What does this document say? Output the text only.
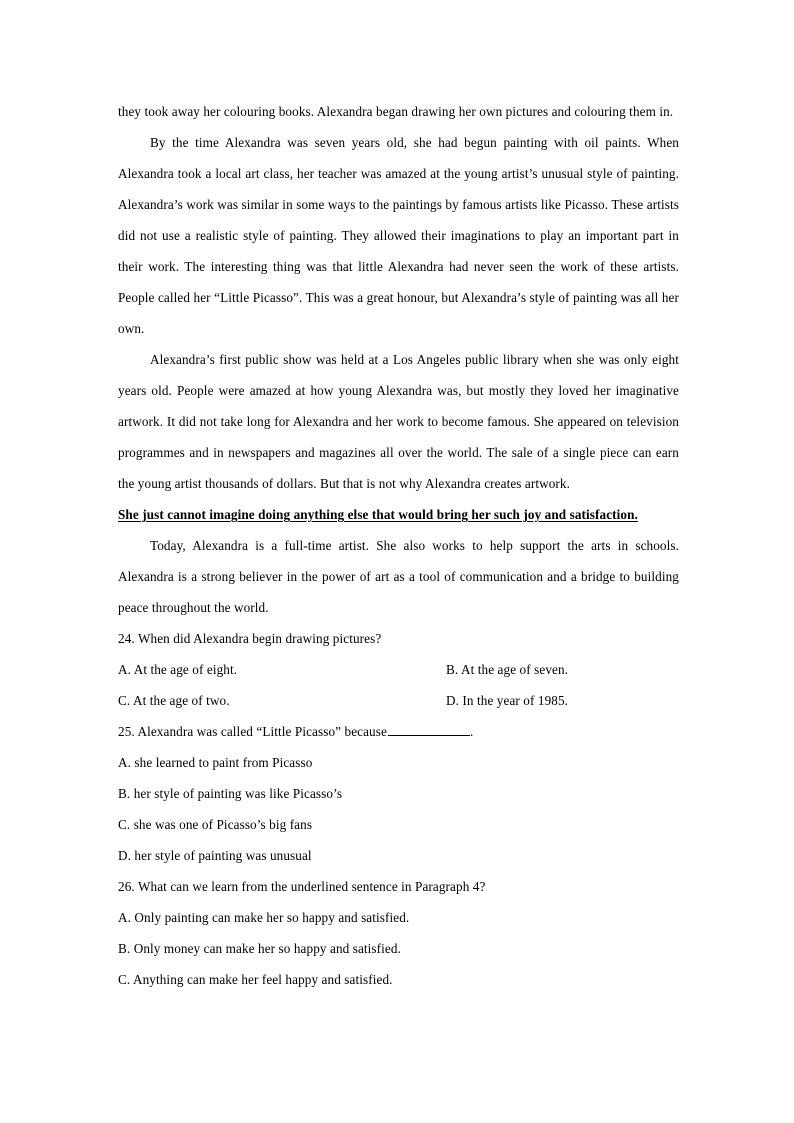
they took away her colouring books. Alexandra began drawing her own pictures and colouring them in.

By the time Alexandra was seven years old, she had begun painting with oil paints. When Alexandra took a local art class, her teacher was amazed at the young artist’s unusual style of painting. Alexandra’s work was similar in some ways to the paintings by famous artists like Picasso. These artists did not use a realistic style of painting. They allowed their imaginations to play an important part in their work. The interesting thing was that little Alexandra had never seen the work of these artists. People called her “Little Picasso”. This was a great honour, but Alexandra’s style of painting was all her own.

Alexandra’s first public show was held at a Los Angeles public library when she was only eight years old. People were amazed at how young Alexandra was, but mostly they loved her imaginative artwork. It did not take long for Alexandra and her work to become famous. She appeared on television programmes and in newspapers and magazines all over the world. The sale of a single piece can earn the young artist thousands of dollars. But that is not why Alexandra creates artwork.

She just cannot imagine doing anything else that would bring her such joy and satisfaction.

Today, Alexandra is a full-time artist. She also works to help support the arts in schools. Alexandra is a strong believer in the power of art as a tool of communication and a bridge to building peace throughout the world.

24. When did Alexandra begin drawing pictures?

A. At the age of eight.	B. At the age of seven.
C. At the age of two.	D. In the year of 1985.

25. Alexandra was called “Little Picasso” because	.

A. she learned to paint from Picasso
B. her style of painting was like Picasso’s
C. she was one of Picasso’s big fans
D. her style of painting was unusual

26. What can we learn from the underlined sentence in Paragraph 4?

A. Only painting can make her so happy and satisfied.
B. Only money can make her so happy and satisfied.
C. Anything can make her feel happy and satisfied.
